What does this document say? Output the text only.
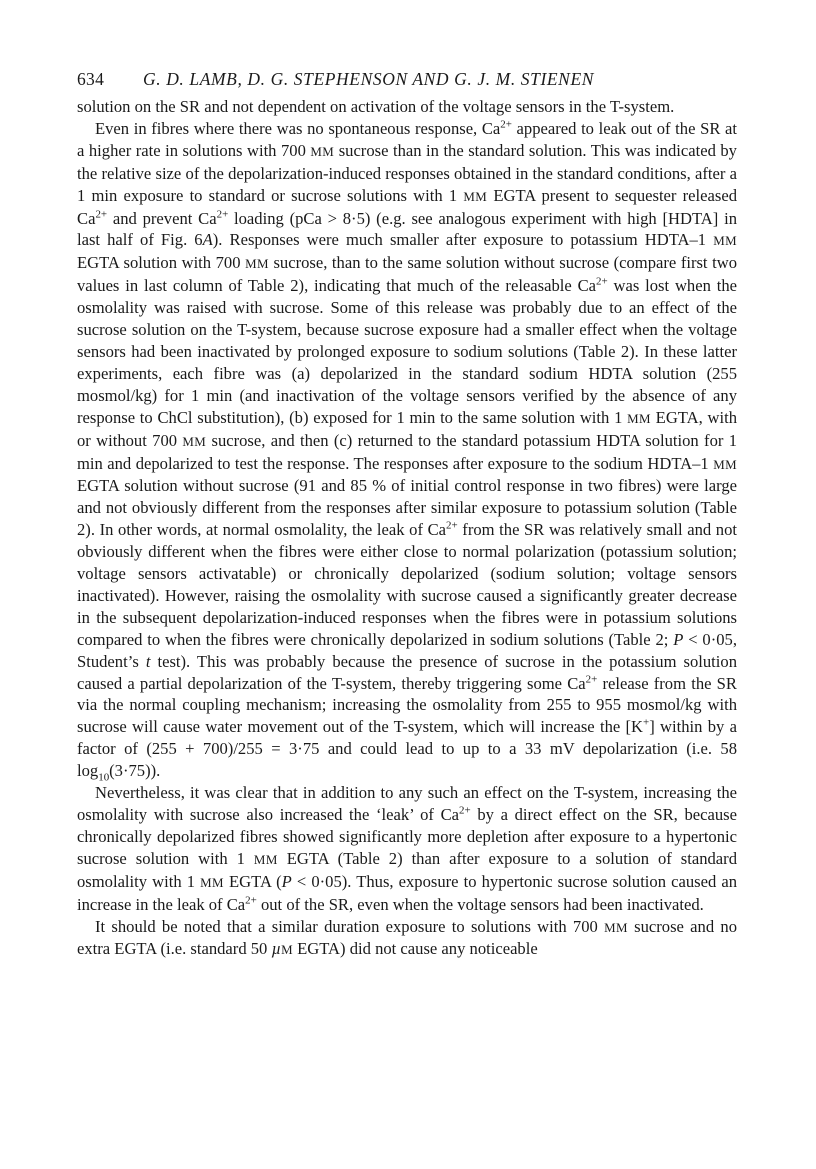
634	G. D. LAMB, D. G. STEPHENSON AND G. J. M. STIENEN

solution on the SR and not dependent on activation of the voltage sensors in the T-system.

Even in fibres where there was no spontaneous response, $Ca^{2+}$ appeared to leak out of the SR at a higher rate in solutions with 700 MM sucrose than in the standard solution. This was indicated by the relative size of the depolarization-induced responses obtained in the standard conditions, after a 1 min exposure to standard or sucrose solutions with 1 MM EGTA present to sequester released $Ca^{2+}$ and prevent $Ca^{2+}$ loading (pCa > 8·5) (e.g. see analogous experiment with high [HDTA] in last half of Fig. 6A). Responses were much smaller after exposure to potassium HDTA–1 MM EGTA solution with 700 MM sucrose, than to the same solution without sucrose (compare first two values in last column of Table 2), indicating that much of the releasable $Ca^{2+}$ was lost when the osmolality was raised with sucrose. Some of this release was probably due to an effect of the sucrose solution on the T-system, because sucrose exposure had a smaller effect when the voltage sensors had been inactivated by prolonged exposure to sodium solutions (Table 2). In these latter experiments, each fibre was (a) depolarized in the standard sodium HDTA solution (255 mosmol/kg) for 1 min (and inactivation of the voltage sensors verified by the absence of any response to ChCl substitution), (b) exposed for 1 min to the same solution with 1 MM EGTA, with or without 700 MM sucrose, and then (c) returned to the standard potassium HDTA solution for 1 min and depolarized to test the response. The responses after exposure to the sodium HDTA–1 MM EGTA solution without sucrose (91 and 85 % of initial control response in two fibres) were large and not obviously different from the responses after similar exposure to potassium solution (Table 2). In other words, at normal osmolality, the leak of $Ca^{2+}$ from the SR was relatively small and not obviously different when the fibres were either close to normal polarization (potassium solution; voltage sensors activatable) or chronically depolarized (sodium solution; voltage sensors inactivated). However, raising the osmolality with sucrose caused a significantly greater decrease in the subsequent depolarization-induced responses when the fibres were in potassium solutions compared to when the fibres were chronically depolarized in sodium solutions (Table 2; P < 0·05, Student’s t test). This was probably because the presence of sucrose in the potassium solution caused a partial depolarization of the T-system, thereby triggering some $Ca^{2+}$ release from the SR via the normal coupling mechanism; increasing the osmolality from 255 to 955 mosmol/kg with sucrose will cause water movement out of the T-system, which will increase the [K+] within by a factor of (255 + 700)/255 = 3·75 and could lead to up to a 33 mV depolarization (i.e. 58 $\log_{10}(3\cdot 75)$).

Nevertheless, it was clear that in addition to any such an effect on the T-system, increasing the osmolality with sucrose also increased the ‘leak’ of $Ca^{2+}$ by a direct effect on the SR, because chronically depolarized fibres showed significantly more depletion after exposure to a hypertonic sucrose solution with 1 MM EGTA (Table 2) than after exposure to a solution of standard osmolality with 1 MM EGTA (P < 0·05). Thus, exposure to hypertonic sucrose solution caused an increase in the leak of $Ca^{2+}$ out of the SR, even when the voltage sensors had been inactivated.

It should be noted that a similar duration exposure to solutions with 700 MM sucrose and no extra EGTA (i.e. standard 50 µM EGTA) did not cause any noticeable
